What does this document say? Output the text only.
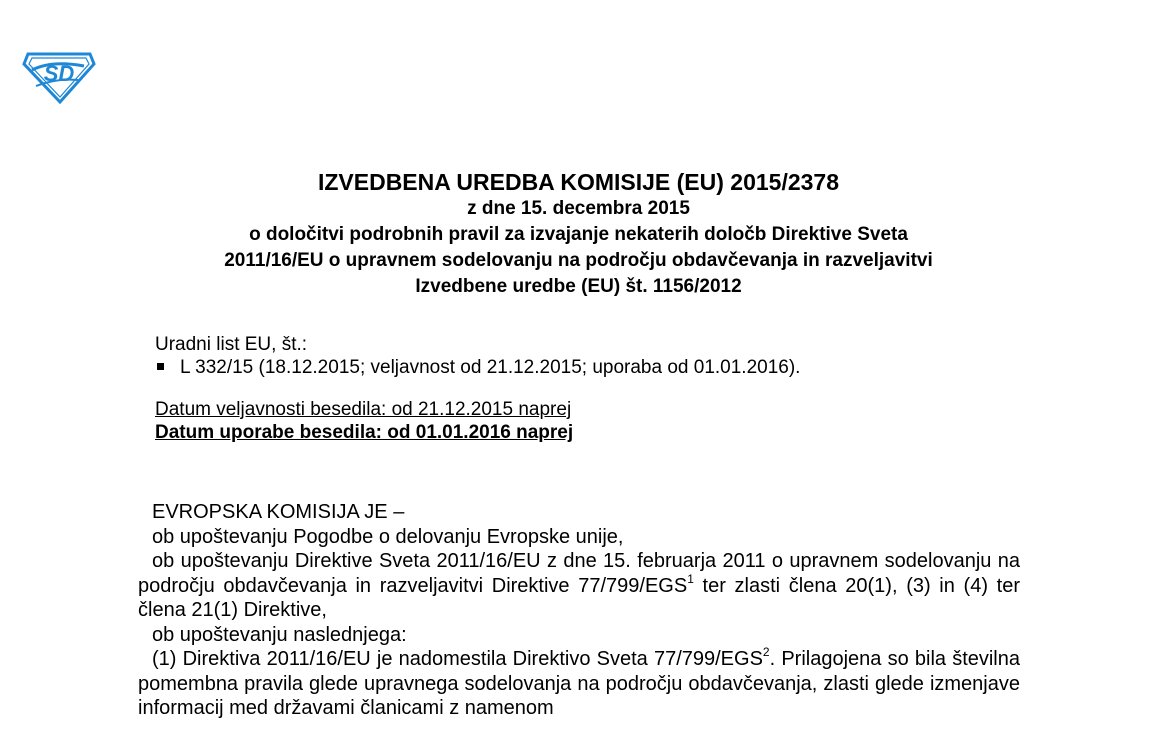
SD
IZVEDBENA UREDBA KOMISIJE (EU) 2015/2378
z dne 15. decembra 2015
o določitvi podrobnih pravil za izvajanje nekaterih določb Direktive Sveta
2011/16/EU o upravnem sodelovanju na področju obdavčevanja in razveljavitvi
Izvedbene uredbe (EU) št. 1156/2012
Uradni list EU, št.:
L 332/15 (18.12.2015; veljavnost od 21.12.2015; uporaba od 01.01.2016).
Datum veljavnosti besedila: od 21.12.2015 naprej
Datum uporabe besedila: od 01.01.2016 naprej

EVROPSKA KOMISIJA JE –

ob upoštevanju Pogodbe o delovanju Evropske unije,

ob upoštevanju Direktive Sveta 2011/16/EU z dne 15. februarja 2011 o upravnem sodelovanju na področju obdavčevanja in razveljavitvi Direktive 77/799/EGS$^1$ ter zlasti člena 20(1), (3) in (4) ter člena 21(1) Direktive,

ob upoštevanju naslednjega:

(1) Direktiva 2011/16/EU je nadomestila Direktivo Sveta 77/799/EGS$^2$. Prilagojena so bila številna pomembna pravila glede upravnega sodelovanja na področju obdavčevanja, zlasti glede izmenjave informacij med državami članicami z namenom
